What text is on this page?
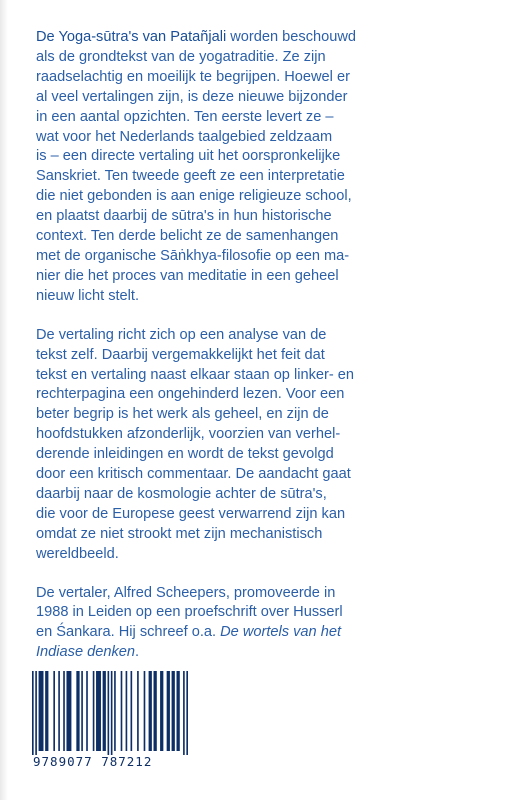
De Yoga-sūtra's van Patañjali worden beschouwd
als de grondtekst van de yogatraditie. Ze zijn
raadselachtig en moeilijk te begrijpen. Hoewel er
al veel vertalingen zijn, is deze nieuwe bijzonder
in een aantal opzichten. Ten eerste levert ze –
wat voor het Nederlands taalgebied zeldzaam
is – een directe vertaling uit het oorspronkelijke
Sanskriet. Ten tweede geeft ze een interpretatie
die niet gebonden is aan enige religieuze school,
en plaatst daarbij de sūtra's in hun historische
context. Ten derde belicht ze de samenhangen
met de organische Sāṅkhya-filosofie op een ma-
nier die het proces van meditatie in een geheel
nieuw licht stelt.

De vertaling richt zich op een analyse van de
tekst zelf. Daarbij vergemakkelijkt het feit dat
tekst en vertaling naast elkaar staan op linker- en
rechterpagina een ongehinderd lezen. Voor een
beter begrip is het werk als geheel, en zijn de
hoofdstukken afzonderlijk, voorzien van verhel-
derende inleidingen en wordt de tekst gevolgd
door een kritisch commentaar. De aandacht gaat
daarbij naar de kosmologie achter de sūtra's,
die voor de Europese geest verwarrend zijn kan
omdat ze niet strookt met zijn mechanistisch
wereldbeeld.

De vertaler, Alfred Scheepers, promoveerde in
1988 in Leiden op een proefschrift over Husserl
en Śankara. Hij schreef o.a. De wortels van het
Indiase denken.

9789077 787212
